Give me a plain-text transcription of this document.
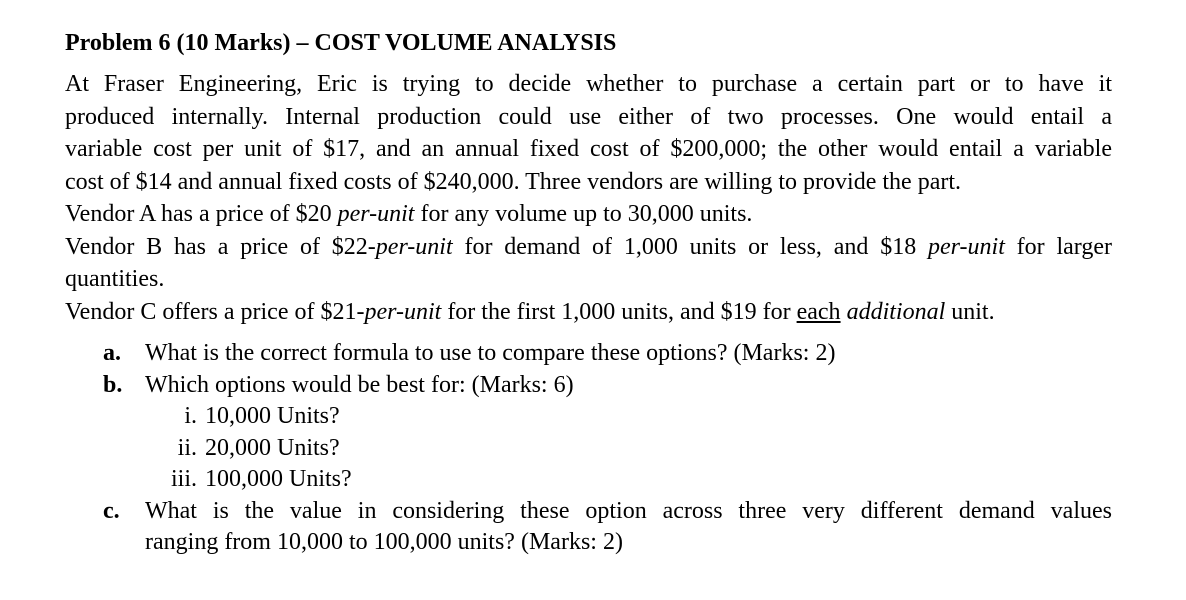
Problem 6 (10 Marks) – COST VOLUME ANALYSIS
At Fraser Engineering, Eric is trying to decide whether to purchase a certain part or to have it
produced internally. Internal production could use either of two processes. One would entail a
variable cost per unit of $17, and an annual fixed cost of $200,000; the other would entail a variable
cost of $14 and annual fixed costs of $240,000. Three vendors are willing to provide the part.
Vendor A has a price of $20 per-unit for any volume up to 30,000 units.
Vendor B has a price of $22-per-unit for demand of 1,000 units or less, and $18 per-unit for larger
quantities.
Vendor C offers a price of $21-per-unit for the first 1,000 units, and $19 for each additional unit.
a. What is the correct formula to use to compare these options? (Marks: 2)
b. Which options would be best for: (Marks: 6)
i. 10,000 Units?
ii. 20,000 Units?
iii. 100,000 Units?
c. What is the value in considering these option across three very different demand values
ranging from 10,000 to 100,000 units? (Marks: 2)
